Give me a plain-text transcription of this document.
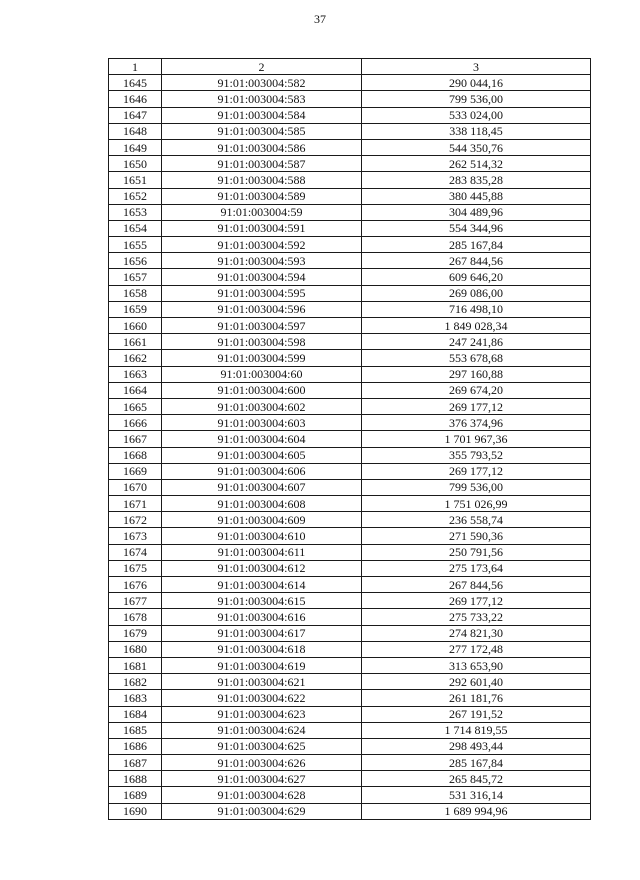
37
1	2	3
1645	91:01:003004:582	290 044,16
1646	91:01:003004:583	799 536,00
1647	91:01:003004:584	533 024,00
1648	91:01:003004:585	338 118,45
1649	91:01:003004:586	544 350,76
1650	91:01:003004:587	262 514,32
1651	91:01:003004:588	283 835,28
1652	91:01:003004:589	380 445,88
1653	91:01:003004:59	304 489,96
1654	91:01:003004:591	554 344,96
1655	91:01:003004:592	285 167,84
1656	91:01:003004:593	267 844,56
1657	91:01:003004:594	609 646,20
1658	91:01:003004:595	269 086,00
1659	91:01:003004:596	716 498,10
1660	91:01:003004:597	1 849 028,34
1661	91:01:003004:598	247 241,86
1662	91:01:003004:599	553 678,68
1663	91:01:003004:60	297 160,88
1664	91:01:003004:600	269 674,20
1665	91:01:003004:602	269 177,12
1666	91:01:003004:603	376 374,96
1667	91:01:003004:604	1 701 967,36
1668	91:01:003004:605	355 793,52
1669	91:01:003004:606	269 177,12
1670	91:01:003004:607	799 536,00
1671	91:01:003004:608	1 751 026,99
1672	91:01:003004:609	236 558,74
1673	91:01:003004:610	271 590,36
1674	91:01:003004:611	250 791,56
1675	91:01:003004:612	275 173,64
1676	91:01:003004:614	267 844,56
1677	91:01:003004:615	269 177,12
1678	91:01:003004:616	275 733,22
1679	91:01:003004:617	274 821,30
1680	91:01:003004:618	277 172,48
1681	91:01:003004:619	313 653,90
1682	91:01:003004:621	292 601,40
1683	91:01:003004:622	261 181,76
1684	91:01:003004:623	267 191,52
1685	91:01:003004:624	1 714 819,55
1686	91:01:003004:625	298 493,44
1687	91:01:003004:626	285 167,84
1688	91:01:003004:627	265 845,72
1689	91:01:003004:628	531 316,14
1690	91:01:003004:629	1 689 994,96
